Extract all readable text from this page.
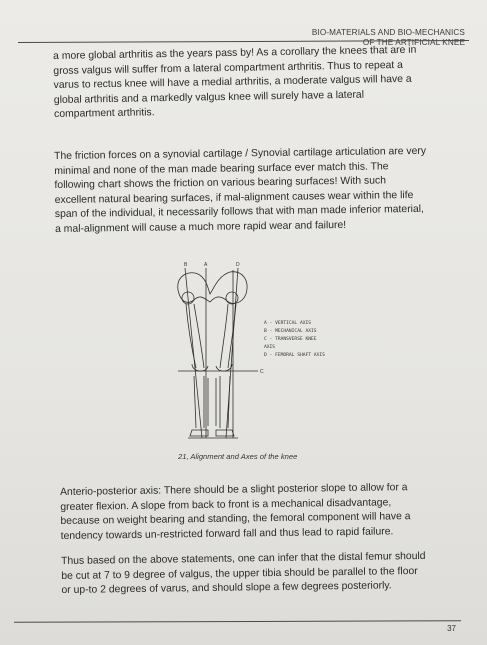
BIO-MATERIALS AND BIO-MECHANICS
OF THE ARTIFICIAL KNEE
a more global arthritis as the years pass by! As a corollary the knees that are in
gross valgus will suffer from a lateral compartment arthritis. Thus to repeat a
varus to rectus knee will have a medial arthritis, a moderate valgus will have a
global arthritis and a markedly valgus knee will surely have a lateral
compartment arthritis.
The friction forces on a synovial cartilage / Synovial cartilage articulation are very
minimal and none of the man made bearing surface ever match this. The
following chart shows the friction on various bearing surfaces! With such
excellent natural bearing surfaces, if mal-alignment causes wear within the life
span of the individual, it necessarily follows that with man made inferior material,
a mal-alignment will cause a much more rapid wear and failure!
B	A	D
C
A - VERTICAL AXIS
B - MECHANICAL AXIS
C - TRANSVERSE KNEE
AXIS
D - FEMORAL SHAFT AXIS
21, Alignment and Axes of the knee
Anterio-posterior axis: There should be a slight posterior slope to allow for a
greater flexion. A slope from back to front is a mechanical disadvantage,
because on weight bearing and standing, the femoral component will have a
tendency towards un-restricted forward fall and thus lead to rapid failure.
Thus based on the above statements, one can infer that the distal femur should
be cut at 7 to 9 degree of valgus, the upper tibia should be parallel to the floor
or up-to 2 degrees of varus, and should slope a few degrees posteriorly.
37
